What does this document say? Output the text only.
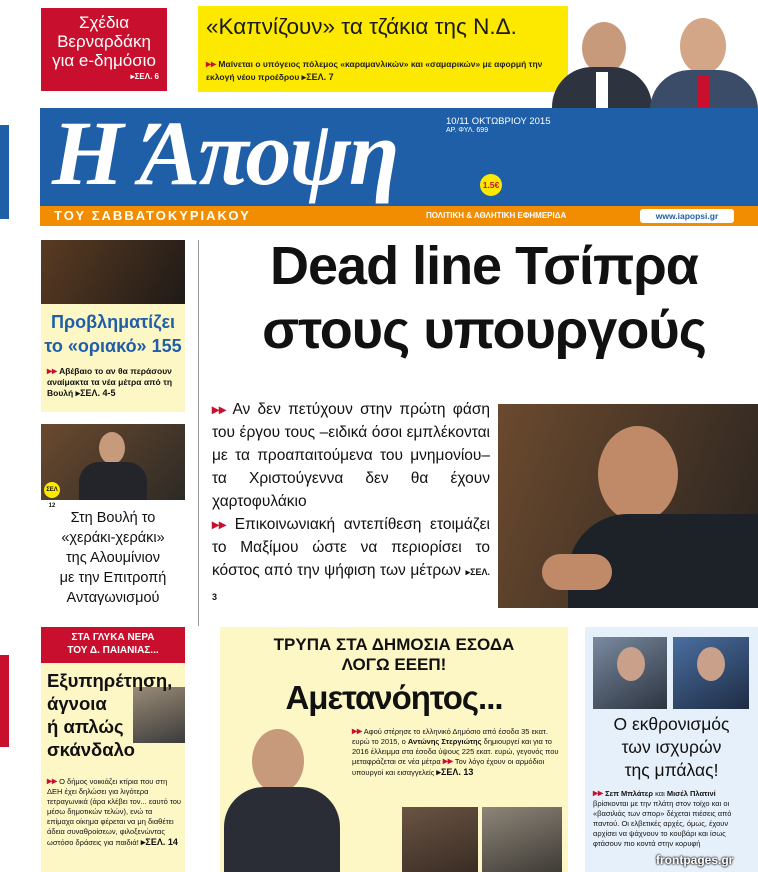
Σχέδια
Βερναρδάκη
για e-δημόσιο
▸ΣΕΛ. 6
«Καπνίζουν» τα τζάκια της Ν.Δ.
▸▸ Μαίνεται ο υπόγειος πόλεμος «καραμανλικών» και «σαμαρικών» με αφορμή την εκλογή νέου προέδρου ▸ΣΕΛ. 7
Η Άποψη	10/11 ΟΚΤΩΒΡΙΟΥ 2015
ΑΡ. ΦΥΛ. 699
1.5€
ΤΟΥ ΣΑΒΒΑΤΟΚΥΡΙΑΚΟΥ	ΠΟΛΙΤΙΚΗ & ΑΘΛΗΤΙΚΗ ΕΦΗΜΕΡΙΔΑ	www.iapopsi.gr
Προβληματίζει
το «οριακό» 155
▸▸ Αβέβαιο το αν θα περάσουν αναίμακτα τα νέα μέτρα από τη Βουλή ▸ΣΕΛ. 4-5
ΣΕΛ 12
Στη Βουλή το
«χεράκι-χεράκι»
της Αλουμίνιον
με την Επιτροπή
Ανταγωνισμού
ΣΤΑ ΓΛΥΚΑ ΝΕΡΑ
ΤΟΥ Δ. ΠΑΙΑΝΙΑΣ...
Εξυπηρέτηση,
άγνοια
ή απλώς
σκάνδαλο
▸▸ Ο δήμος νοικιάζει κτίρια που στη ΔΕΗ έχει δηλώσει για λιγότερα τετραγωνικά (άρα κλέβει τον... εαυτό του μέσω δημοτικών τελών), ενώ τα επίμαχα οίκημα φέρεται να μη διαθέτει άδεια συναθροίσεων, φιλοξενώντας ωστόσο δράσεις για παιδιά! ▸ΣΕΛ. 14
Dead line Τσίπρα
στους υπουργούς
▸▸ Αν δεν πετύχουν στην πρώτη φάση του έργου τους –ειδικά όσοι εμπλέκονται με τα προαπαιτούμενα του μνημονίου– τα Χριστούγεννα δεν θα έχουν χαρτοφυλάκιο
▸▸ Επικοινωνιακή αντεπίθεση ετοιμάζει το Μαξίμου ώστε να περιορίσει το κόστος από την ψήφιση των μέτρων ▸ΣΕΛ. 3
ΤΡΥΠΑ ΣΤΑ ΔΗΜΟΣΙΑ ΕΣΟΔΑ
ΛΟΓΩ ΕΕΕΠ!
Αμετανόητος...
▸▸ Αφού στέρησε το ελληνικό Δημόσιο από έσοδα 35 εκατ. ευρώ το 2015, ο Αντώνης Στεργιώτης δημιουργεί και για το 2016 έλλειμμα στα έσοδα ύψους 225 εκατ. ευρώ, γεγονός που μεταφράζεται σε νέα μέτρα ▸▸ Τον λόγο έχουν οι αρμόδιοι υπουργοί και εισαγγελείς ▸ΣΕΛ. 13
Ο εκθρονισμός
των ισχυρών
της μπάλας!
▸▸ Σεπ Μπλάτερ και Μισέλ Πλατινί βρίσκονται με την πλάτη στον τοίχο και οι «βασιλιάς των σπορ» δέχεται πιέσεις από παντού. Οι ελβετικές αρχές, όμως, έχουν αρχίσει να ψάχνουν το κουβάρι και ίσως φτάσουν πιο κοντά στην κορυφή
frontpages.gr
